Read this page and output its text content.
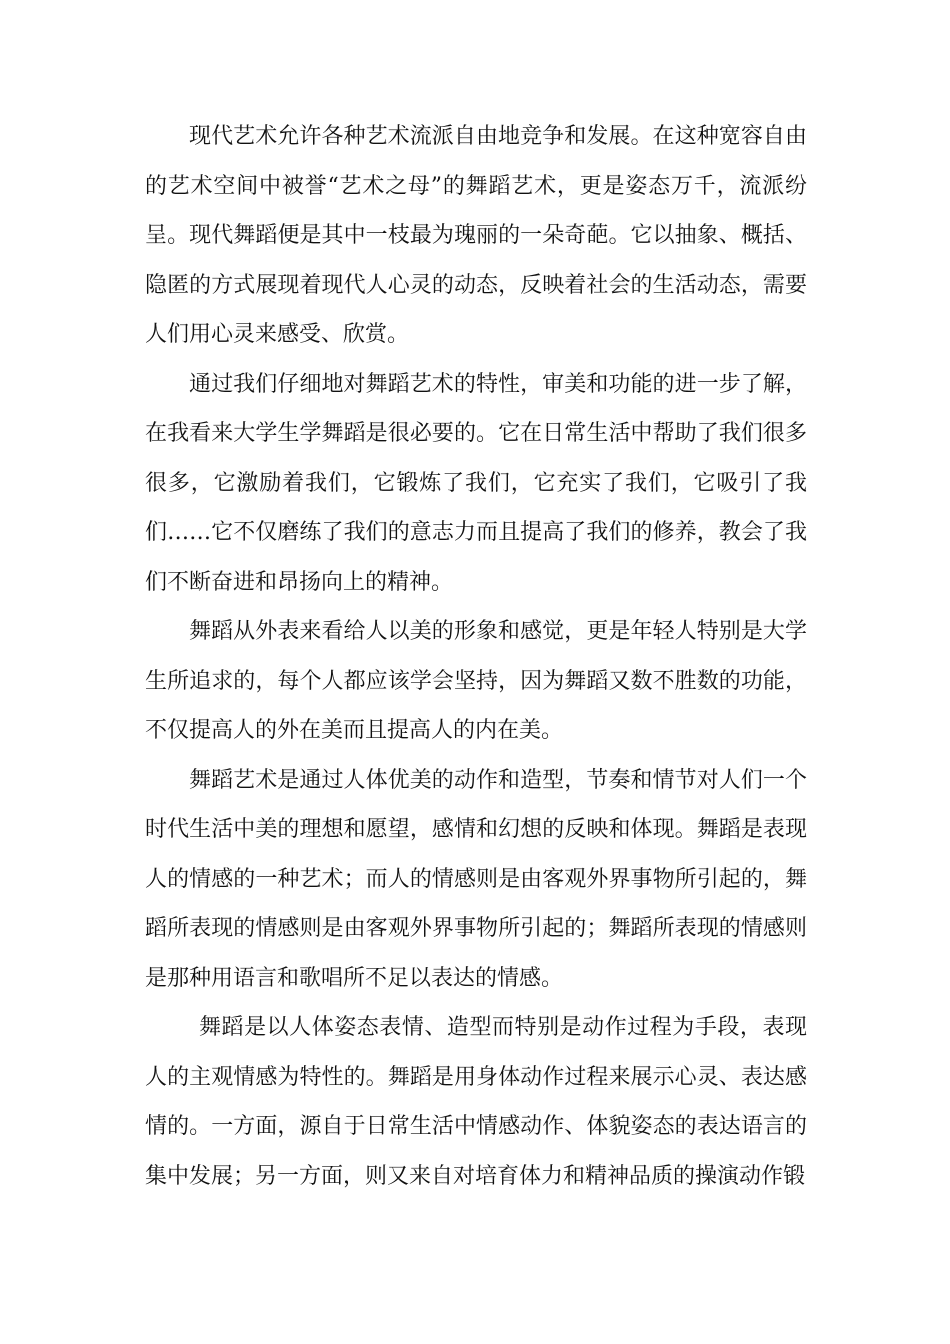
现代艺术允许各种艺术流派自由地竞争和发展。在这种宽容自由的艺术空间中被誉“艺术之母”的舞蹈艺术，更是姿态万千，流派纷呈。现代舞蹈便是其中一枝最为瑰丽的一朵奇葩。它以抽象、概括、隐匿的方式展现着现代人心灵的动态，反映着社会的生活动态，需要人们用心灵来感受、欣赏。

通过我们仔细地对舞蹈艺术的特性，审美和功能的进一步了解，在我看来大学生学舞蹈是很必要的。它在日常生活中帮助了我们很多很多，它激励着我们，它锻炼了我们，它充实了我们，它吸引了我们……它不仅磨练了我们的意志力而且提高了我们的修养，教会了我们不断奋进和昂扬向上的精神。

舞蹈从外表来看给人以美的形象和感觉，更是年轻人特别是大学生所追求的，每个人都应该学会坚持，因为舞蹈又数不胜数的功能，不仅提高人的外在美而且提高人的内在美。

舞蹈艺术是通过人体优美的动作和造型，节奏和情节对人们一个时代生活中美的理想和愿望，感情和幻想的反映和体现。舞蹈是表现人的情感的一种艺术；而人的情感则是由客观外界事物所引起的，舞蹈所表现的情感则是由客观外界事物所引起的；舞蹈所表现的情感则是那种用语言和歌唱所不足以表达的情感。

舞蹈是以人体姿态表情、造型而特别是动作过程为手段，表现人的主观情感为特性的。舞蹈是用身体动作过程来展示心灵、表达感情的。一方面，源自于日常生活中情感动作、体貌姿态的表达语言的集中发展；另一方面，则又来自对培育体力和精神品质的操演动作锻
